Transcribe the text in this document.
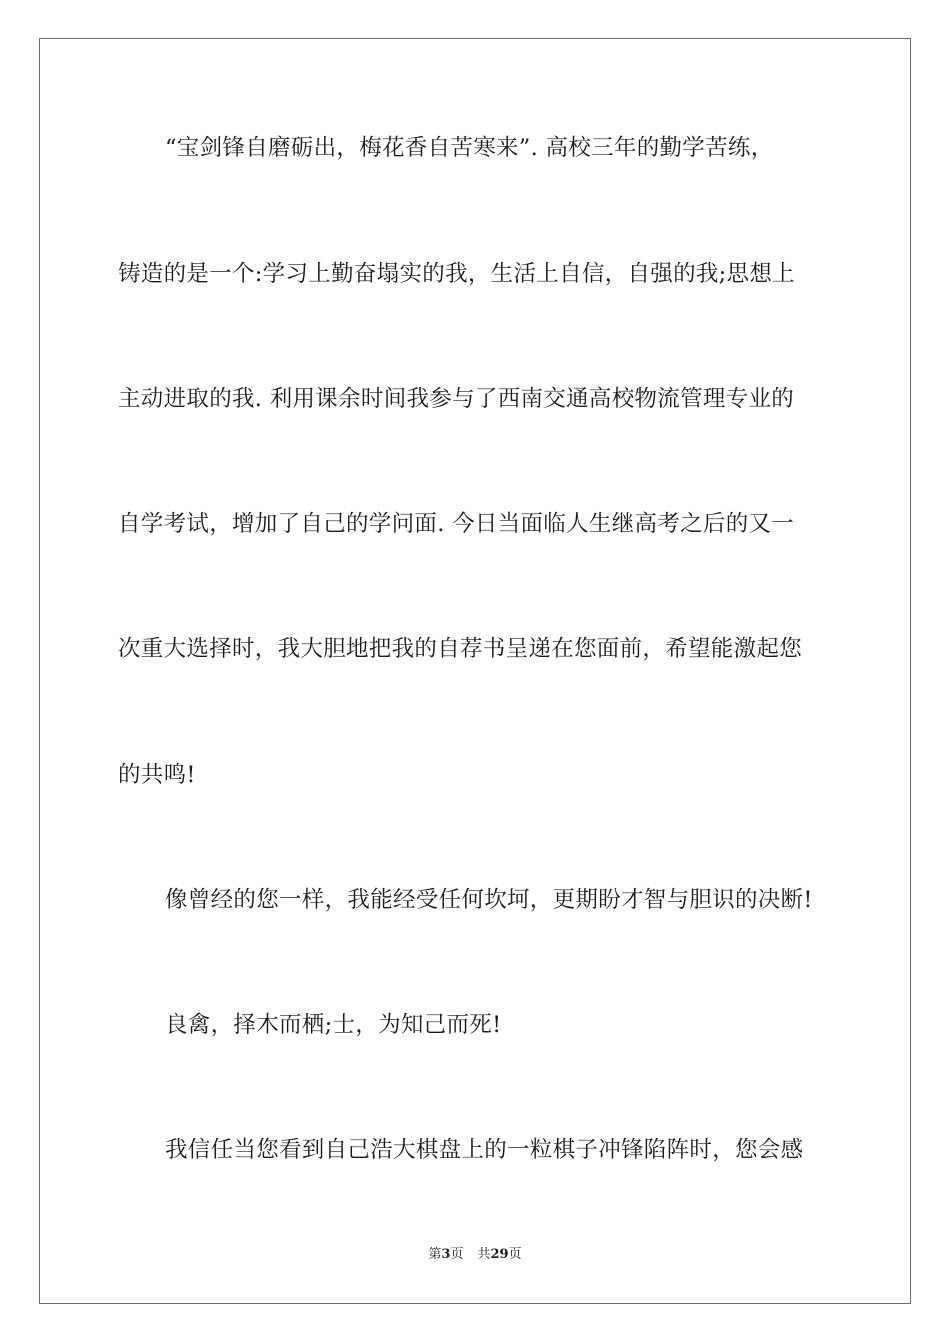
“宝剑锋自磨砺出，梅花香自苦寒来”. 高校三年的勤学苦练，
铸造的是一个:学习上勤奋塌实的我，生活上自信，自强的我;思想上
主动进取的我. 利用课余时间我参与了西南交通高校物流管理专业的
自学考试，增加了自己的学问面. 今日当面临人生继高考之后的又一
次重大选择时，我大胆地把我的自荐书呈递在您面前，希望能激起您
的共鸣!
像曾经的您一样，我能经受任何坎坷，更期盼才智与胆识的决断!
良禽，择木而栖;士，为知己而死!
我信任当您看到自己浩大棋盘上的一粒棋子冲锋陷阵时，您会感
第3页 共29页
